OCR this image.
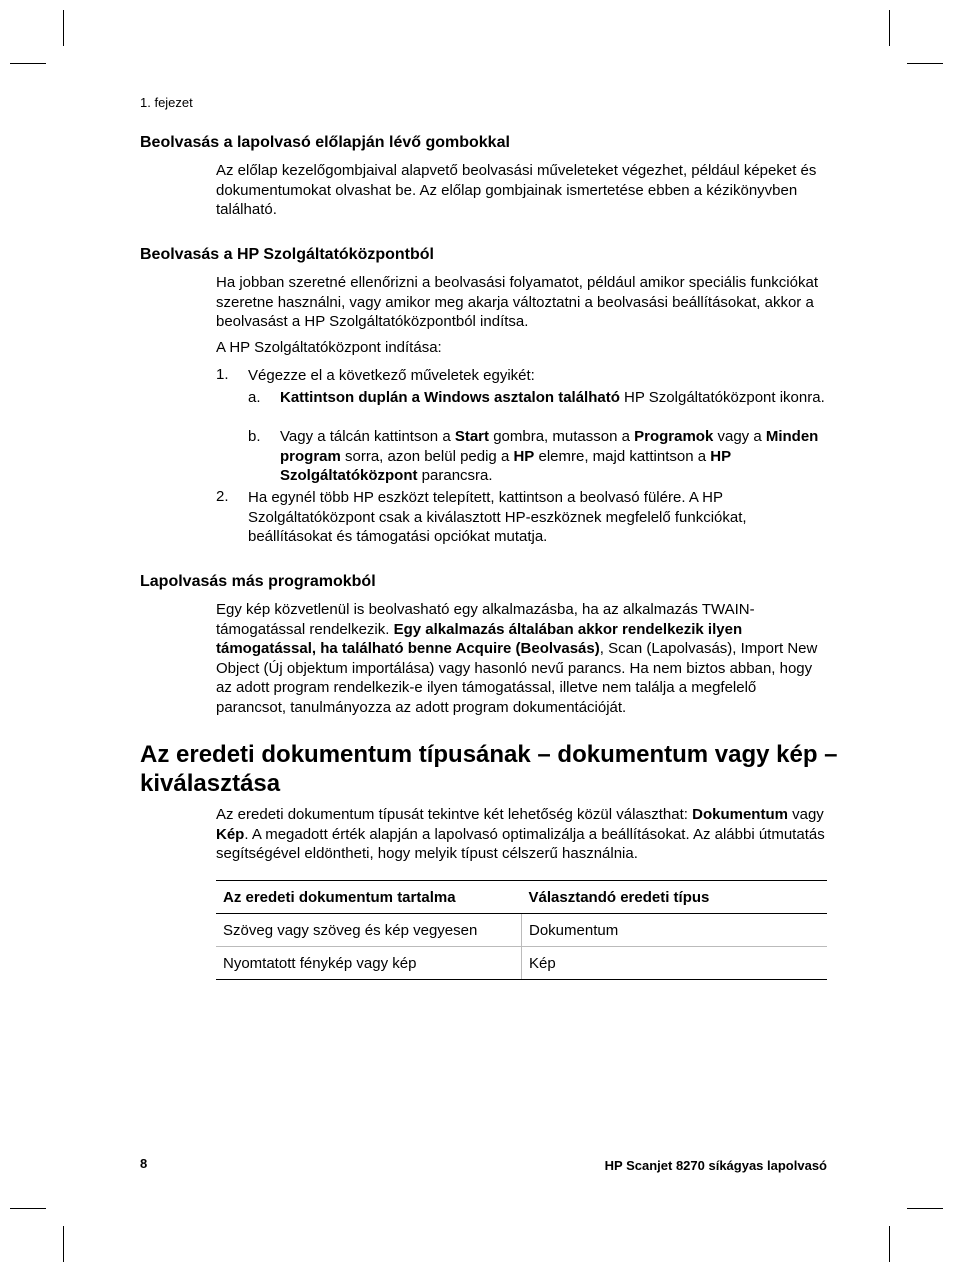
1. fejezet
Beolvasás a lapolvasó előlapján lévő gombokkal

Az előlap kezelőgombjaival alapvető beolvasási műveleteket végezhet, például képeket és dokumentumokat olvashat be. Az előlap gombjainak ismertetése ebben a kézikönyvben található.

Beolvasás a HP Szolgáltatóközpontból

Ha jobban szeretné ellenőrizni a beolvasási folyamatot, például amikor speciális funkciókat szeretne használni, vagy amikor meg akarja változtatni a beolvasási beállításokat, akkor a beolvasást a HP Szolgáltatóközpontból indítsa.

A HP Szolgáltatóközpont indítása:

1. Végezze el a következő műveletek egyikét:
a. Kattintson duplán a Windows asztalon található HP Szolgáltatóközpont ikonra.
b. Vagy a tálcán kattintson a Start gombra, mutasson a Programok vagy a Minden program sorra, azon belül pedig a HP elemre, majd kattintson a HP Szolgáltatóközpont parancsra.
2. Ha egynél több HP eszközt telepített, kattintson a beolvasó fülére. A HP Szolgáltatóközpont csak a kiválasztott HP-eszköznek megfelelő funkciókat, beállításokat és támogatási opciókat mutatja.
Lapolvasás más programokból

Egy kép közvetlenül is beolvasható egy alkalmazásba, ha az alkalmazás TWAIN-támogatással rendelkezik. Egy alkalmazás általában akkor rendelkezik ilyen támogatással, ha található benne Acquire (Beolvasás), Scan (Lapolvasás), Import New Object (Új objektum importálása) vagy hasonló nevű parancs. Ha nem biztos abban, hogy az adott program rendelkezik-e ilyen támogatással, illetve nem találja a megfelelő parancsot, tanulmányozza az adott program dokumentációját.

Az eredeti dokumentum típusának – dokumentum vagy kép – kiválasztása

Az eredeti dokumentum típusát tekintve két lehetőség közül választhat: Dokumentum vagy Kép. A megadott érték alapján a lapolvasó optimalizálja a beállításokat. Az alábbi útmutatás segítségével eldöntheti, hogy melyik típust célszerű használnia.

Az eredeti dokumentum tartalma	Választandó eredeti típus
Szöveg vagy szöveg és kép vegyesen	Dokumentum
Nyomtatott fénykép vagy kép	Kép
8	HP Scanjet 8270 síkágyas lapolvasó
